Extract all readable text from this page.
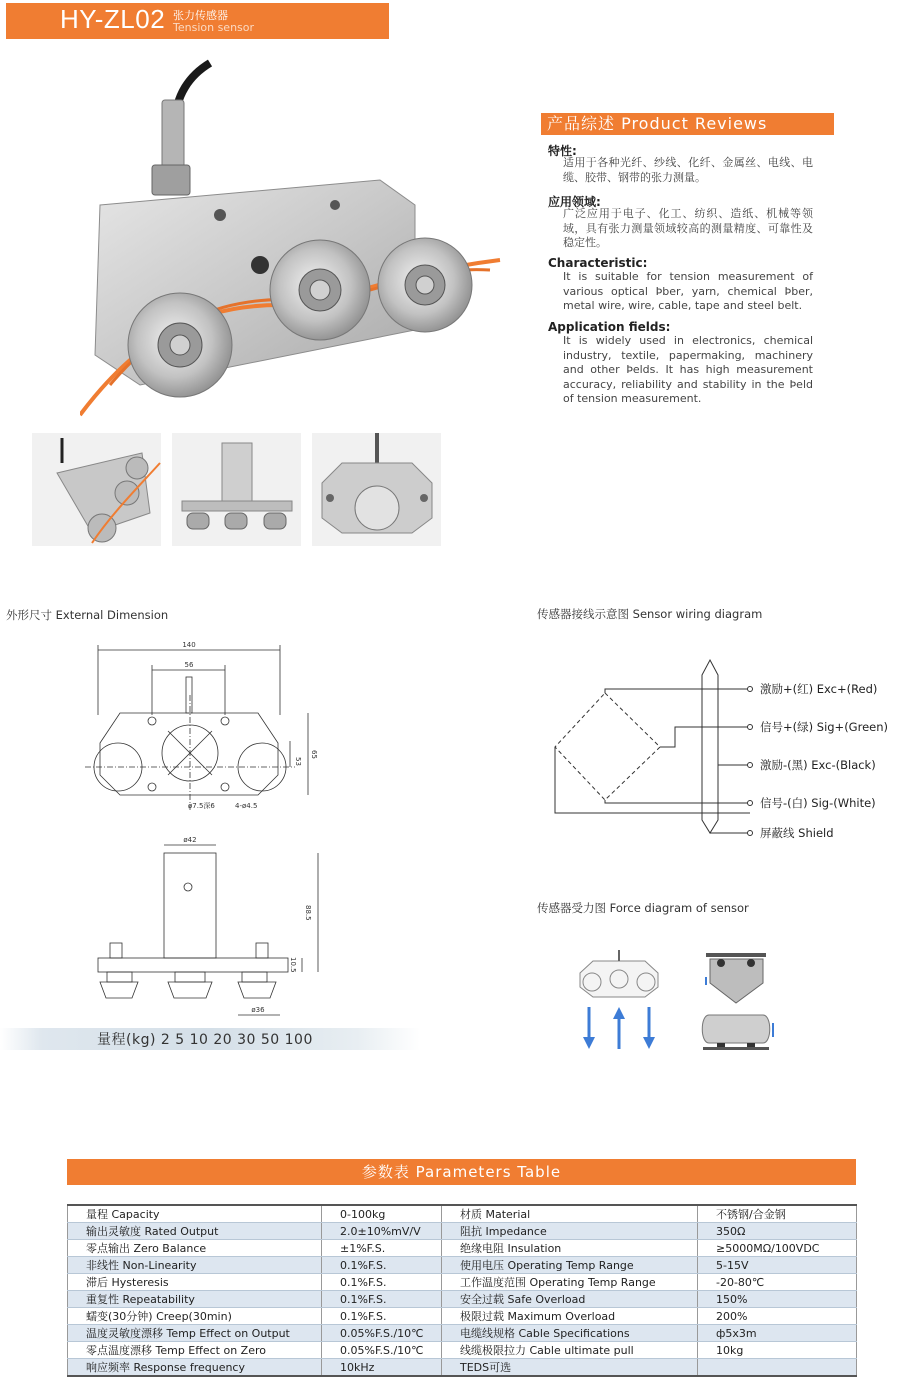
HY-ZL02 张力传感器
Tension sensor
产品综述 Product Reviews
特性:
适用于各种光纤、纱线、化纤、金属丝、电线、电缆、胶带、钢带的张力测量。
应用领域:
广泛应用于电子、化工、纺织、造纸、机械等领域，具有张力测量领域较高的测量精度、可靠性及稳定性。
Characteristic:
It is suitable for tension measurement of various optical Þber, yarn, chemical Þber, metal wire, wire, cable, tape and steel belt.
Application fields:
It is widely used in electronics, chemical industry, textile, papermaking, machinery and other Þelds. It has high measurement accuracy, reliability and stability in the Þeld of tension measurement.
外形尺寸 External Dimension	传感器接线示意图 Sensor wiring diagram
传感器受力图 Force diagram of sensor
140
56
53
65
ø7.5深6	4-ø4.5
ø42
88.5
10.5
ø36
量程(kg) 2 5 10 20 30 50 100
激励+(红) Exc+(Red)
信号+(绿) Sig+(Green)
激励-(黑) Exc-(Black)
信号-(白) Sig-(White)
屏蔽线 Shield
参数表 Parameters Table
量程 Capacity	0-100kg	材质 Material	不锈钢/合金钢
输出灵敏度 Rated Output	2.0±10%mV/V	阻抗 Impedance	350Ω
零点输出 Zero Balance	±1%F.S.	绝缘电阻 Insulation	≥5000MΩ/100VDC
非线性 Non-Linearity	0.1%F.S.	使用电压 Operating Temp Range	5-15V
滞后 Hysteresis	0.1%F.S.	工作温度范围 Operating Temp Range	-20-80℃
重复性 Repeatability	0.1%F.S.	安全过载 Safe Overload	150%
蠕变(30分钟) Creep(30min)	0.1%F.S.	极限过载 Maximum Overload	200%
温度灵敏度漂移 Temp Effect on Output	0.05%F.S./10℃	电缆线规格 Cable Specifications	ф5x3m
零点温度漂移 Temp Effect on Zero	0.05%F.S./10℃	线缆极限拉力 Cable ultimate pull	10kg
响应频率 Response frequency	10kHz	TEDS可选	
